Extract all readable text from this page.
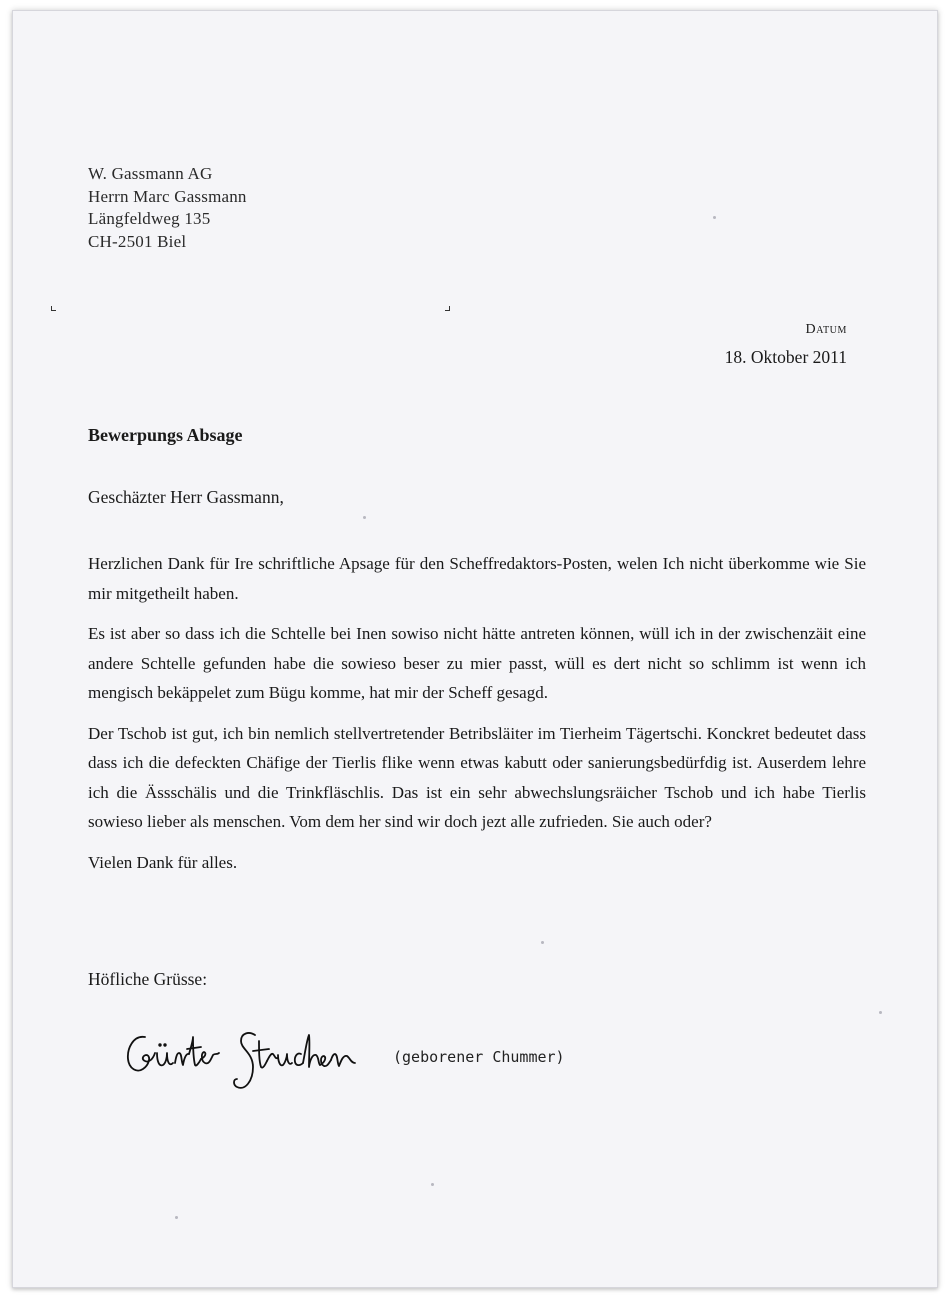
W. Gassmann AG
Herrn Marc Gassmann
Längfeldweg 135
CH-2501 Biel
Datum
18. Oktober 2011
Bewerpungs Absage
Geschäzter Herr Gassmann,

Herzlichen Dank für Ire schriftliche Apsage für den Scheffredaktors-Posten, welen Ich nicht überkomme wie Sie mir mitgetheilt haben.

Es ist aber so dass ich die Schtelle bei Inen sowiso nicht hätte antreten können, wüll ich in der zwischenzäit eine andere Schtelle gefunden habe die sowieso beser zu mier passt, wüll es dert nicht so schlimm ist wenn ich mengisch bekäppelet zum Bügu komme, hat mir der Scheff gesagd.

Der Tschob ist gut, ich bin nemlich stellvertretender Betribsläiter im Tierheim Tägertschi. Konckret bedeutet dass dass ich die defeckten Chäfige der Tierlis flike wenn etwas kabutt oder sanierungsbedürfdig ist. Auserdem lehre ich die Ässschälis und die Trinkfläschlis. Das ist ein sehr abwechslungsräicher Tschob und ich habe Tierlis sowieso lieber als menschen. Vom dem her sind wir doch jezt alle zufrieden. Sie auch oder?

Vielen Dank für alles.

Höfliche Grüsse:
(geborener Chummer)
